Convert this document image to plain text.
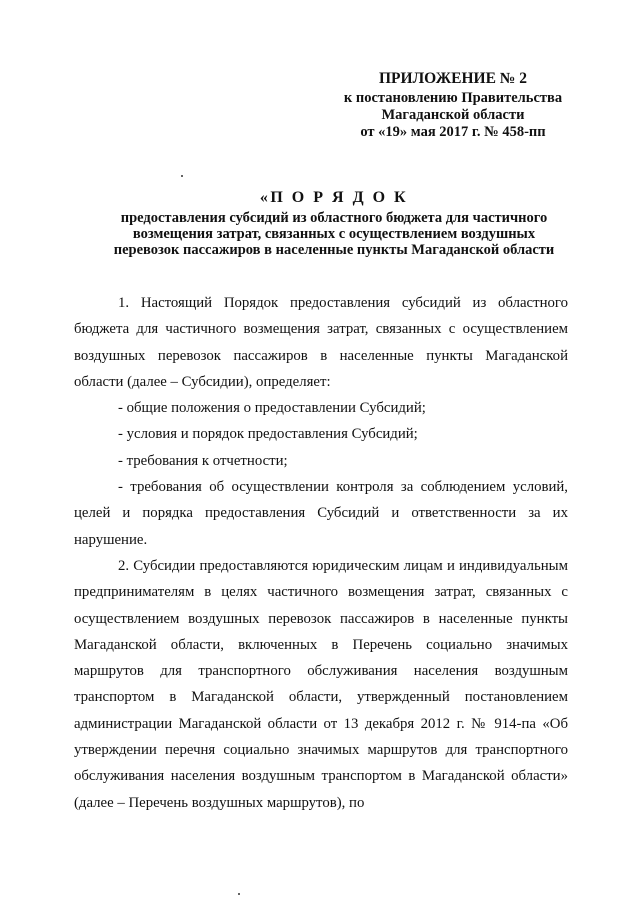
ПРИЛОЖЕНИЕ № 2
к постановлению Правительства
Магаданской области
от «19» мая 2017 г. № 458-пп
«П О Р Я Д О К
предоставления субсидий из областного бюджета для частичного
возмещения затрат, связанных с осуществлением воздушных
перевозок пассажиров в населенные пункты Магаданской области

1. Настоящий Порядок предоставления субсидий из областного бюджета для частичного возмещения затрат, связанных с осуществлением воздушных перевозок пассажиров в населенные пункты Магаданской области (далее – Субсидии), определяет:

- общие положения о предоставлении Субсидий;

- условия и порядок предоставления Субсидий;

- требования к отчетности;

- требования об осуществлении контроля за соблюдением условий, целей и порядка предоставления Субсидий и ответственности за их нарушение.

2. Субсидии предоставляются юридическим лицам и индивидуальным предпринимателям в целях частичного возмещения затрат, связанных с осуществлением воздушных перевозок пассажиров в населенные пункты Магаданской области, включенных в Перечень социально значимых маршрутов для транспортного обслуживания населения воздушным транспортом в Магаданской области, утвержденный постановлением администрации Магаданской области от 13 декабря 2012 г. № 914-па «Об утверждении перечня социально значимых маршрутов для транспортного обслуживания населения воздушным транспортом в Магаданской области» (далее – Перечень воздушных маршрутов), по
